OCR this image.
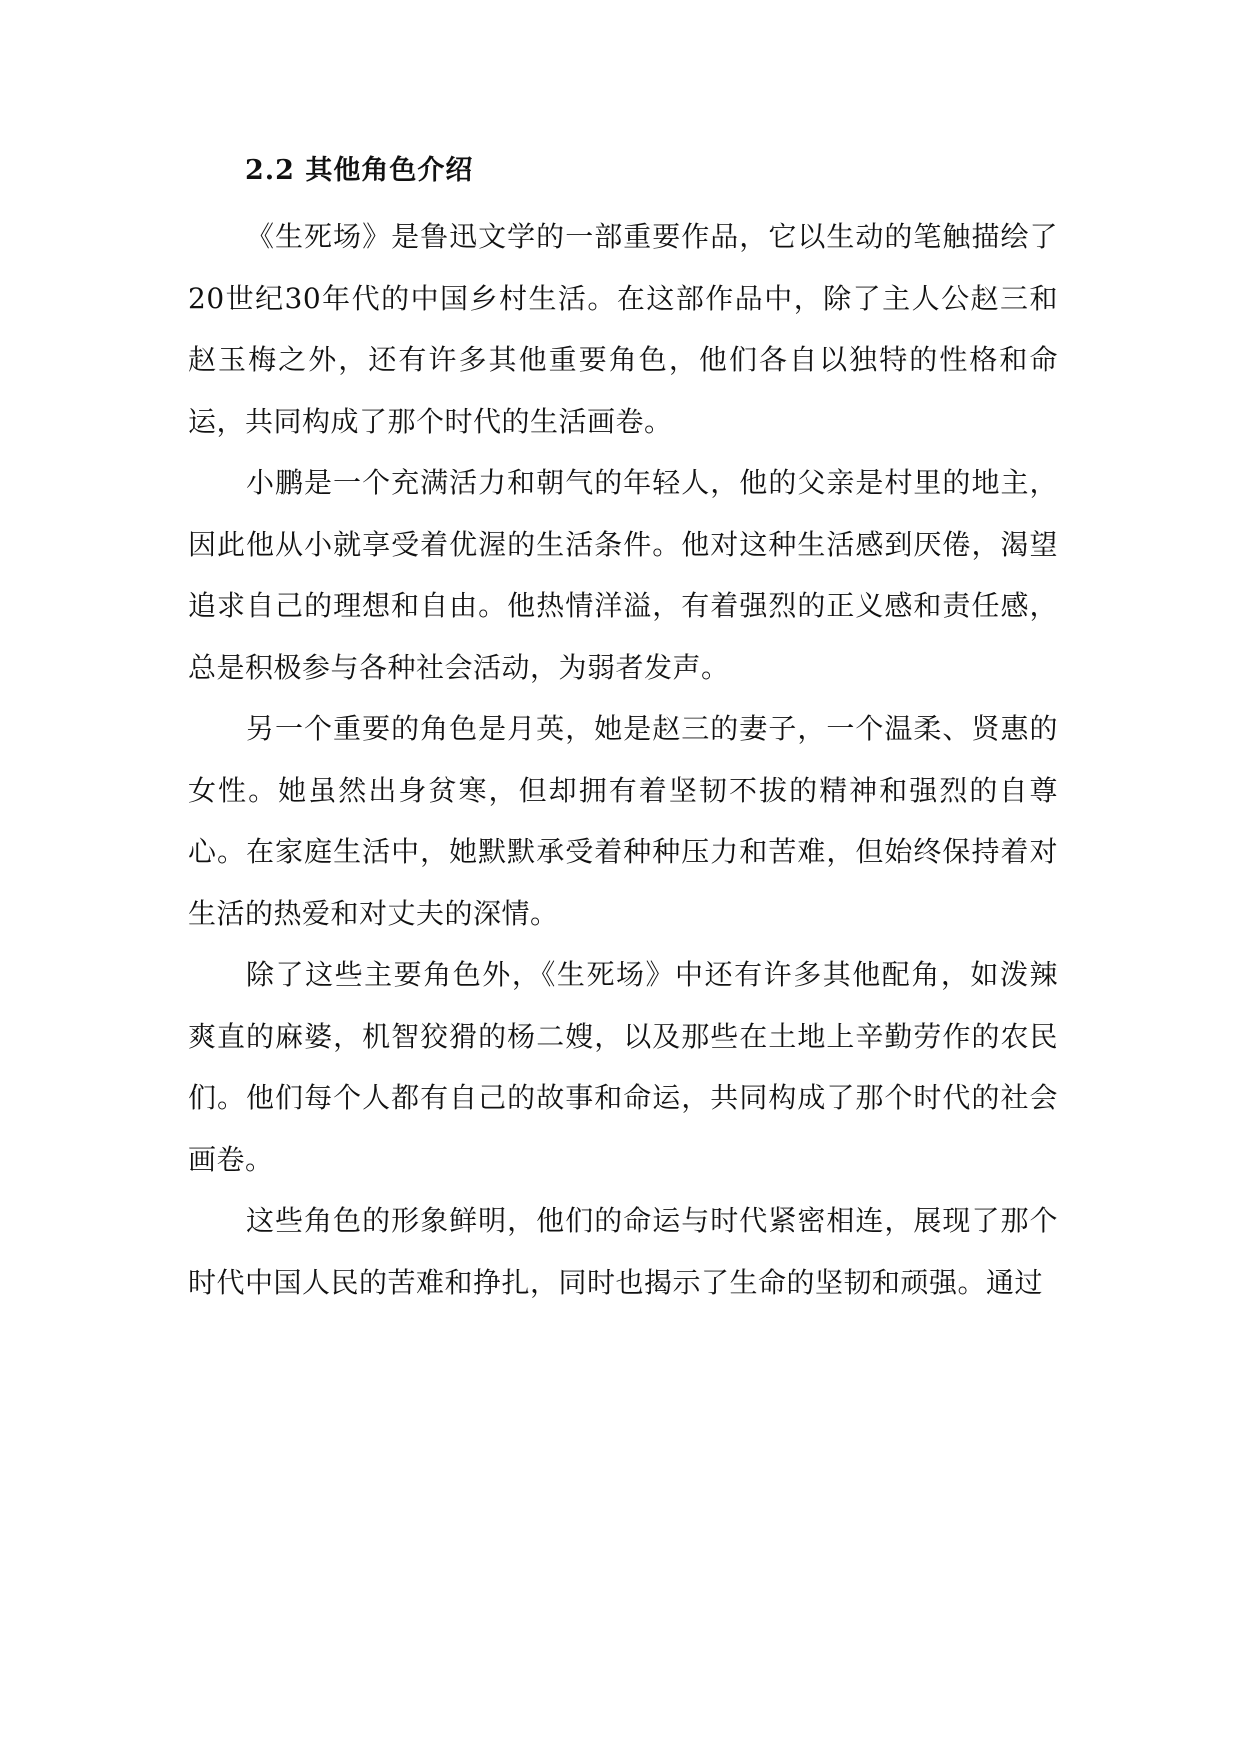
2.2 其他角色介绍

《生死场》是鲁迅文学的一部重要作品，它以生动的笔触描绘了20世纪30年代的中国乡村生活。在这部作品中，除了主人公赵三和赵玉梅之外，还有许多其他重要角色，他们各自以独特的性格和命运，共同构成了那个时代的生活画卷。

小鹏是一个充满活力和朝气的年轻人，他的父亲是村里的地主，因此他从小就享受着优渥的生活条件。他对这种生活感到厌倦，渴望追求自己的理想和自由。他热情洋溢，有着强烈的正义感和责任感，总是积极参与各种社会活动，为弱者发声。

另一个重要的角色是月英，她是赵三的妻子，一个温柔、贤惠的女性。她虽然出身贫寒，但却拥有着坚韧不拔的精神和强烈的自尊心。在家庭生活中，她默默承受着种种压力和苦难，但始终保持着对生活的热爱和对丈夫的深情。

除了这些主要角色外，《生死场》中还有许多其他配角，如泼辣爽直的麻婆，机智狡猾的杨二嫂，以及那些在土地上辛勤劳作的农民们。他们每个人都有自己的故事和命运，共同构成了那个时代的社会画卷。

这些角色的形象鲜明，他们的命运与时代紧密相连，展现了那个时代中国人民的苦难和挣扎，同时也揭示了生命的坚韧和顽强。通过
